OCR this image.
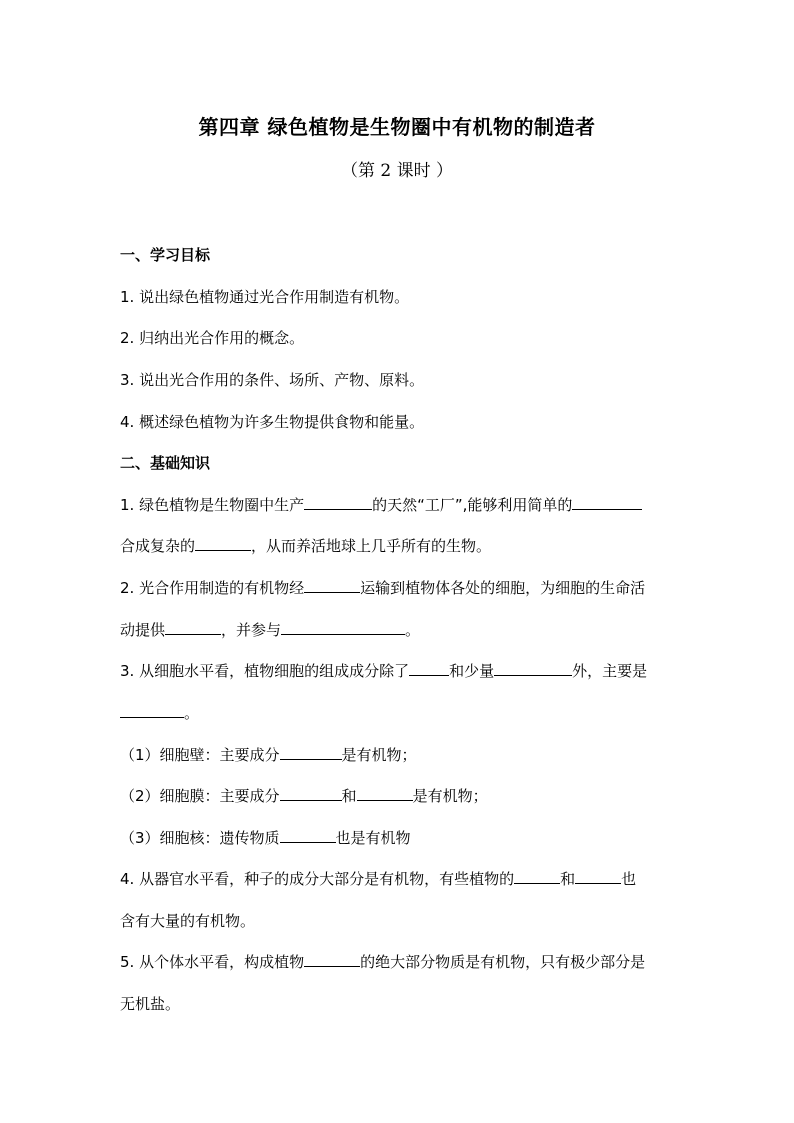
第四章 绿色植物是生物圈中有机物的制造者
（第 2 课时 ）
一、学习目标
1. 说出绿色植物通过光合作用制造有机物。
2. 归纳出光合作用的概念。
3. 说出光合作用的条件、场所、产物、原料。
4. 概述绿色植物为许多生物提供食物和能量。
二、基础知识
1. 绿色植物是生物圈中生产	的天然“工厂”,能够利用简单的
合成复杂的	，从而养活地球上几乎所有的生物。
2. 光合作用制造的有机物经	运输到植物体各处的细胞，为细胞的生命活
动提供	，并参与	。
3. 从细胞水平看，植物细胞的组成成分除了	和少量	外，主要是
。
（1）细胞壁：主要成分	是有机物；
（2）细胞膜：主要成分	和	是有机物；
（3）细胞核：遗传物质	也是有机物
4. 从器官水平看，种子的成分大部分是有机物，有些植物的	和	也
含有大量的有机物。
5. 从个体水平看，构成植物	的绝大部分物质是有机物，只有极少部分是
无机盐。
